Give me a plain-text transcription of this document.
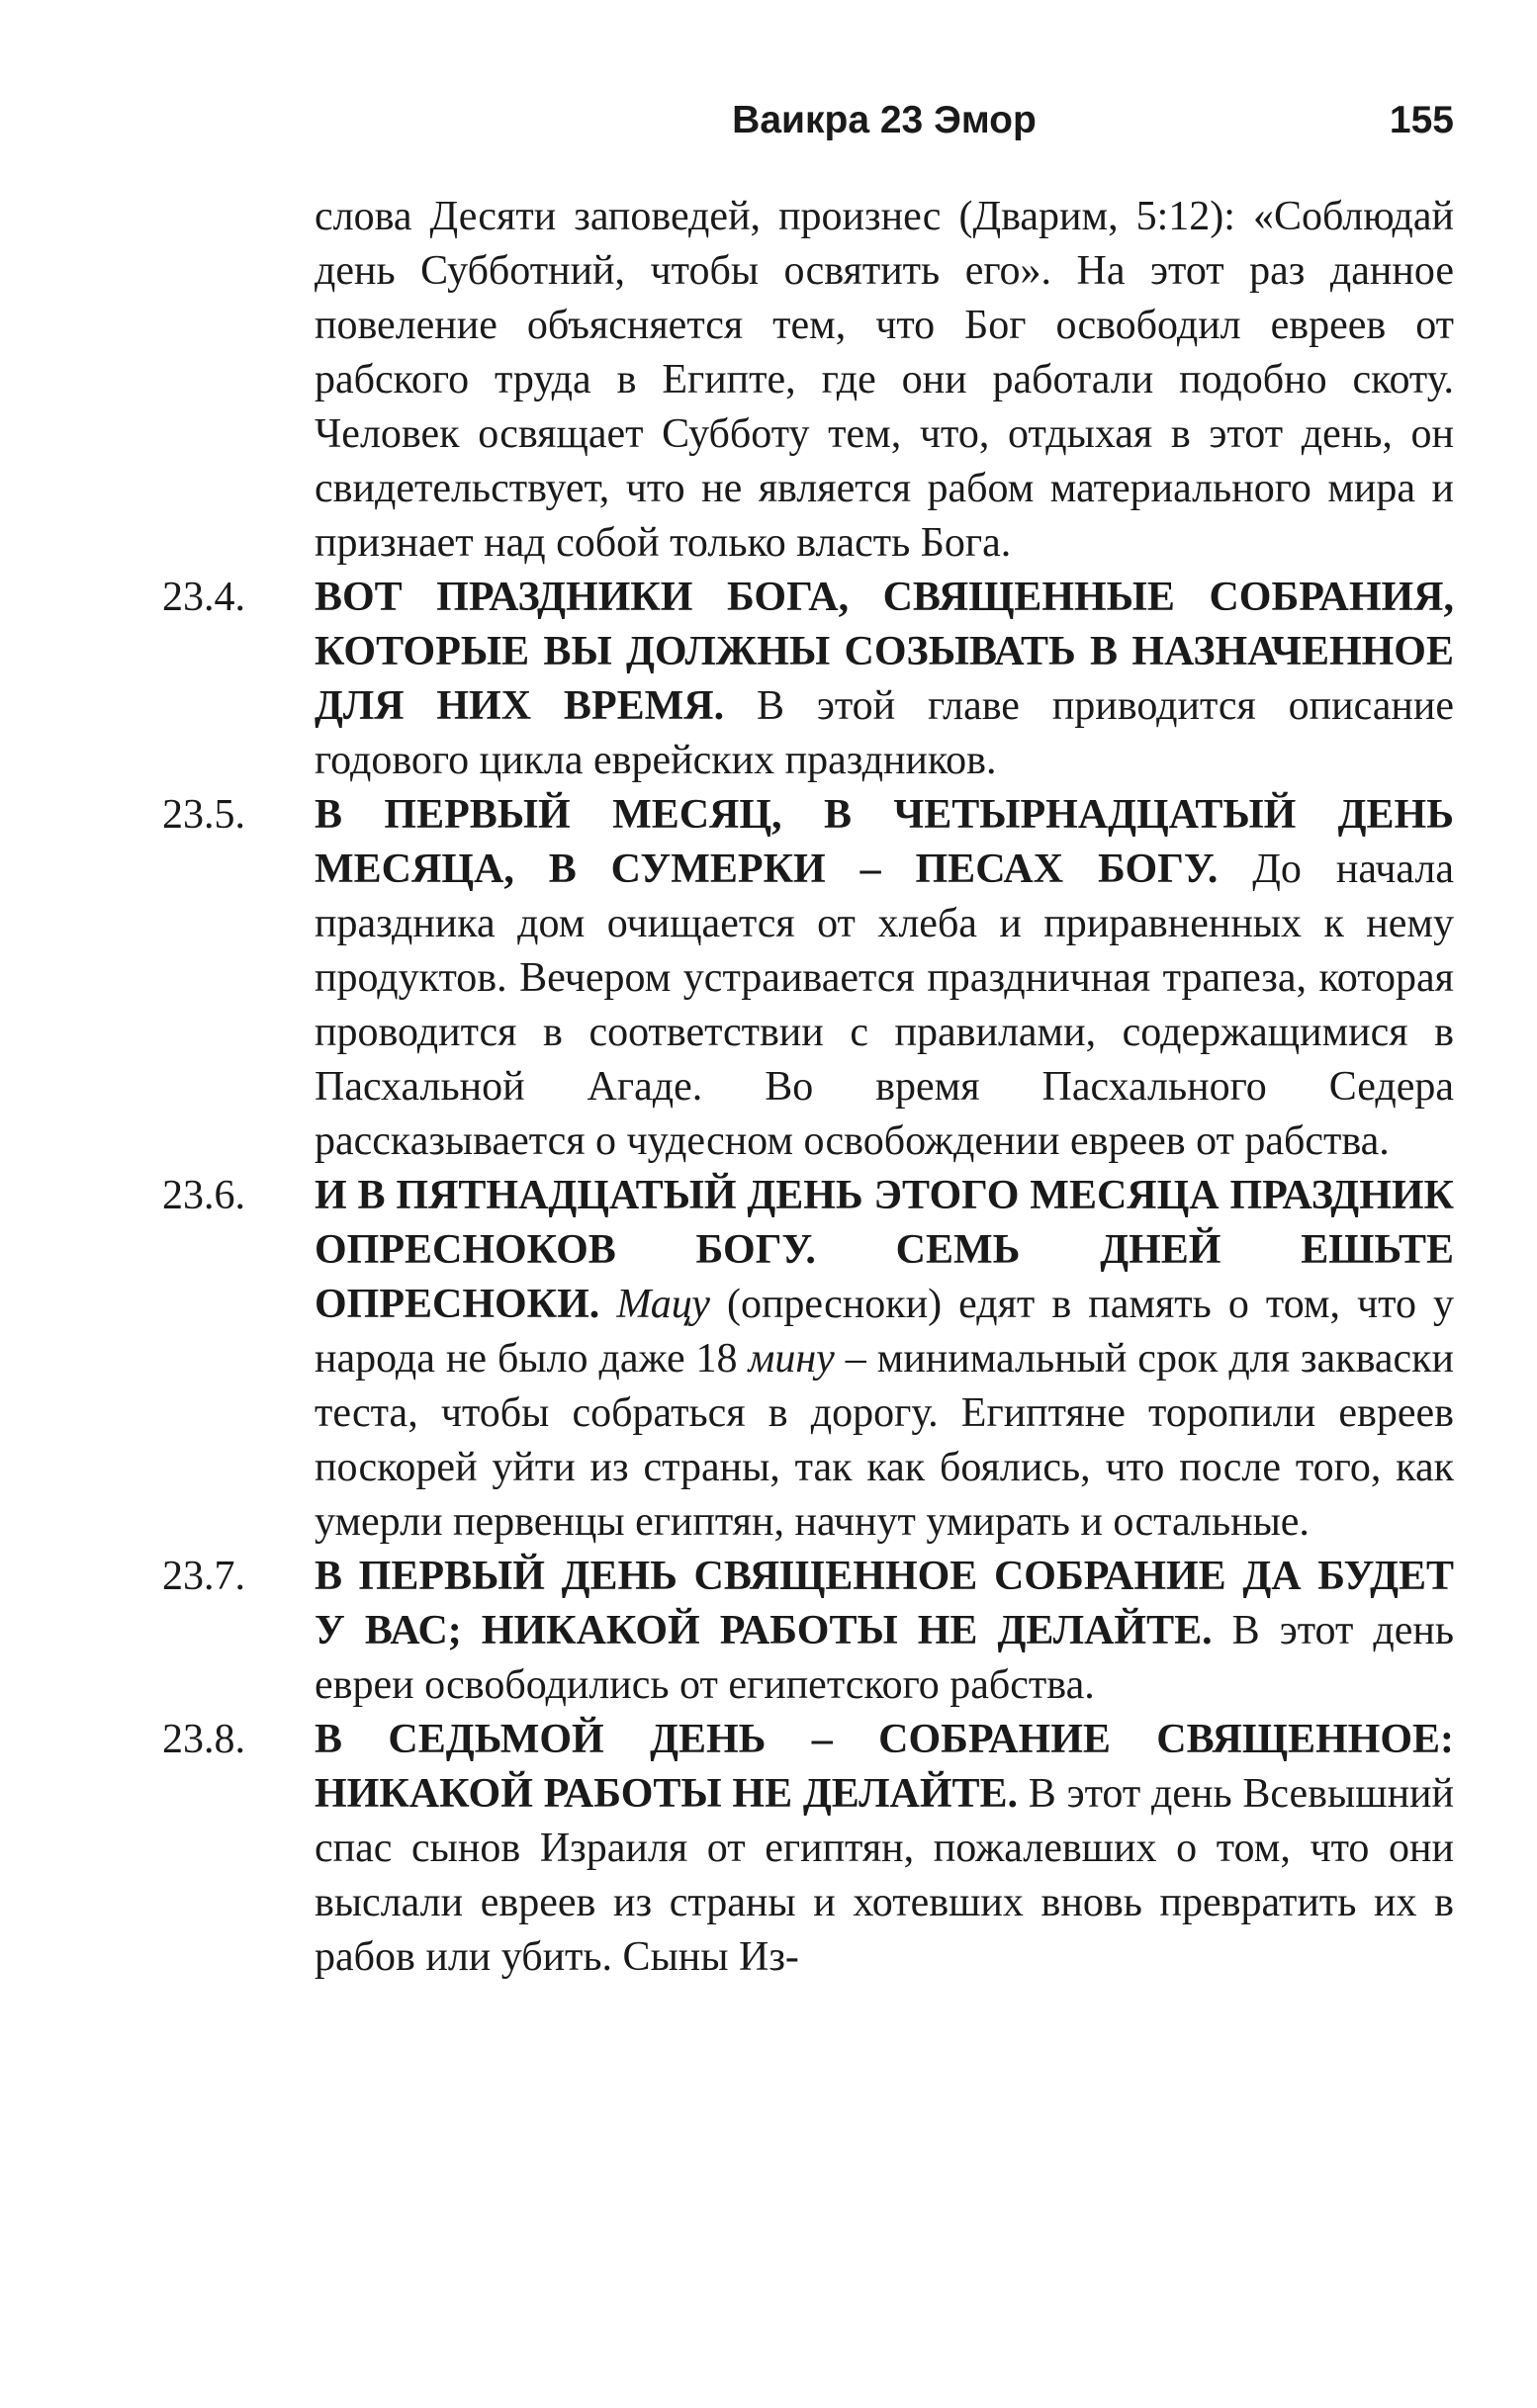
Ваикра 23 Эмор	155

слова Десяти заповедей, произнес (Дварим, 5:12): «Соблюдай день Субботний, чтобы освятить его». На этот раз данное повеление объясняется тем, что Бог освободил евреев от рабского труда в Египте, где они работали подобно скоту. Человек освящает Субботу тем, что, отдыхая в этот день, он свидетельствует, что не является рабом материального мира и признает над собой только власть Бога.

23.4. ВОТ ПРАЗДНИКИ БОГА, СВЯЩЕННЫЕ СОБРАНИЯ, КОТОРЫЕ ВЫ ДОЛЖНЫ СОЗЫВАТЬ В НАЗНАЧЕННОЕ ДЛЯ НИХ ВРЕМЯ. В этой главе приводится описание годового цикла еврейских праздников.

23.5. В ПЕРВЫЙ МЕСЯЦ, В ЧЕТЫРНАДЦАТЫЙ ДЕНЬ МЕСЯЦА, В СУМЕРКИ – ПЕСАХ БОГУ. До начала праздника дом очищается от хлеба и приравненных к нему продуктов. Вечером устраивается праздничная трапеза, которая проводится в соответствии с правилами, содержащимися в Пасхальной Агаде. Во время Пасхального Седера рассказывается о чудесном освобождении евреев от рабства.

23.6. И В ПЯТНАДЦАТЫЙ ДЕНЬ ЭТОГО МЕСЯЦА ПРАЗДНИК ОПРЕСНОКОВ БОГУ. СЕМЬ ДНЕЙ ЕШЬТЕ ОПРЕСНОКИ. Мацу (опресноки) едят в память о том, что у народа не было даже 18 мину – минимальный срок для закваски теста, чтобы собраться в дорогу. Египтяне торопили евреев поскорей уйти из страны, так как боялись, что после того, как умерли первенцы египтян, начнут умирать и остальные.

23.7. В ПЕРВЫЙ ДЕНЬ СВЯЩЕННОЕ СОБРАНИЕ ДА БУДЕТ У ВАС; НИКАКОЙ РАБОТЫ НЕ ДЕЛАЙТЕ. В этот день евреи освободились от египетского рабства.

23.8. В СЕДЬМОЙ ДЕНЬ – СОБРАНИЕ СВЯЩЕННОЕ: НИКАКОЙ РАБОТЫ НЕ ДЕЛАЙТЕ. В этот день Всевышний спас сынов Израиля от египтян, пожалевших о том, что они выслали евреев из страны и хотевших вновь превратить их в рабов или убить. Сыны Из-
